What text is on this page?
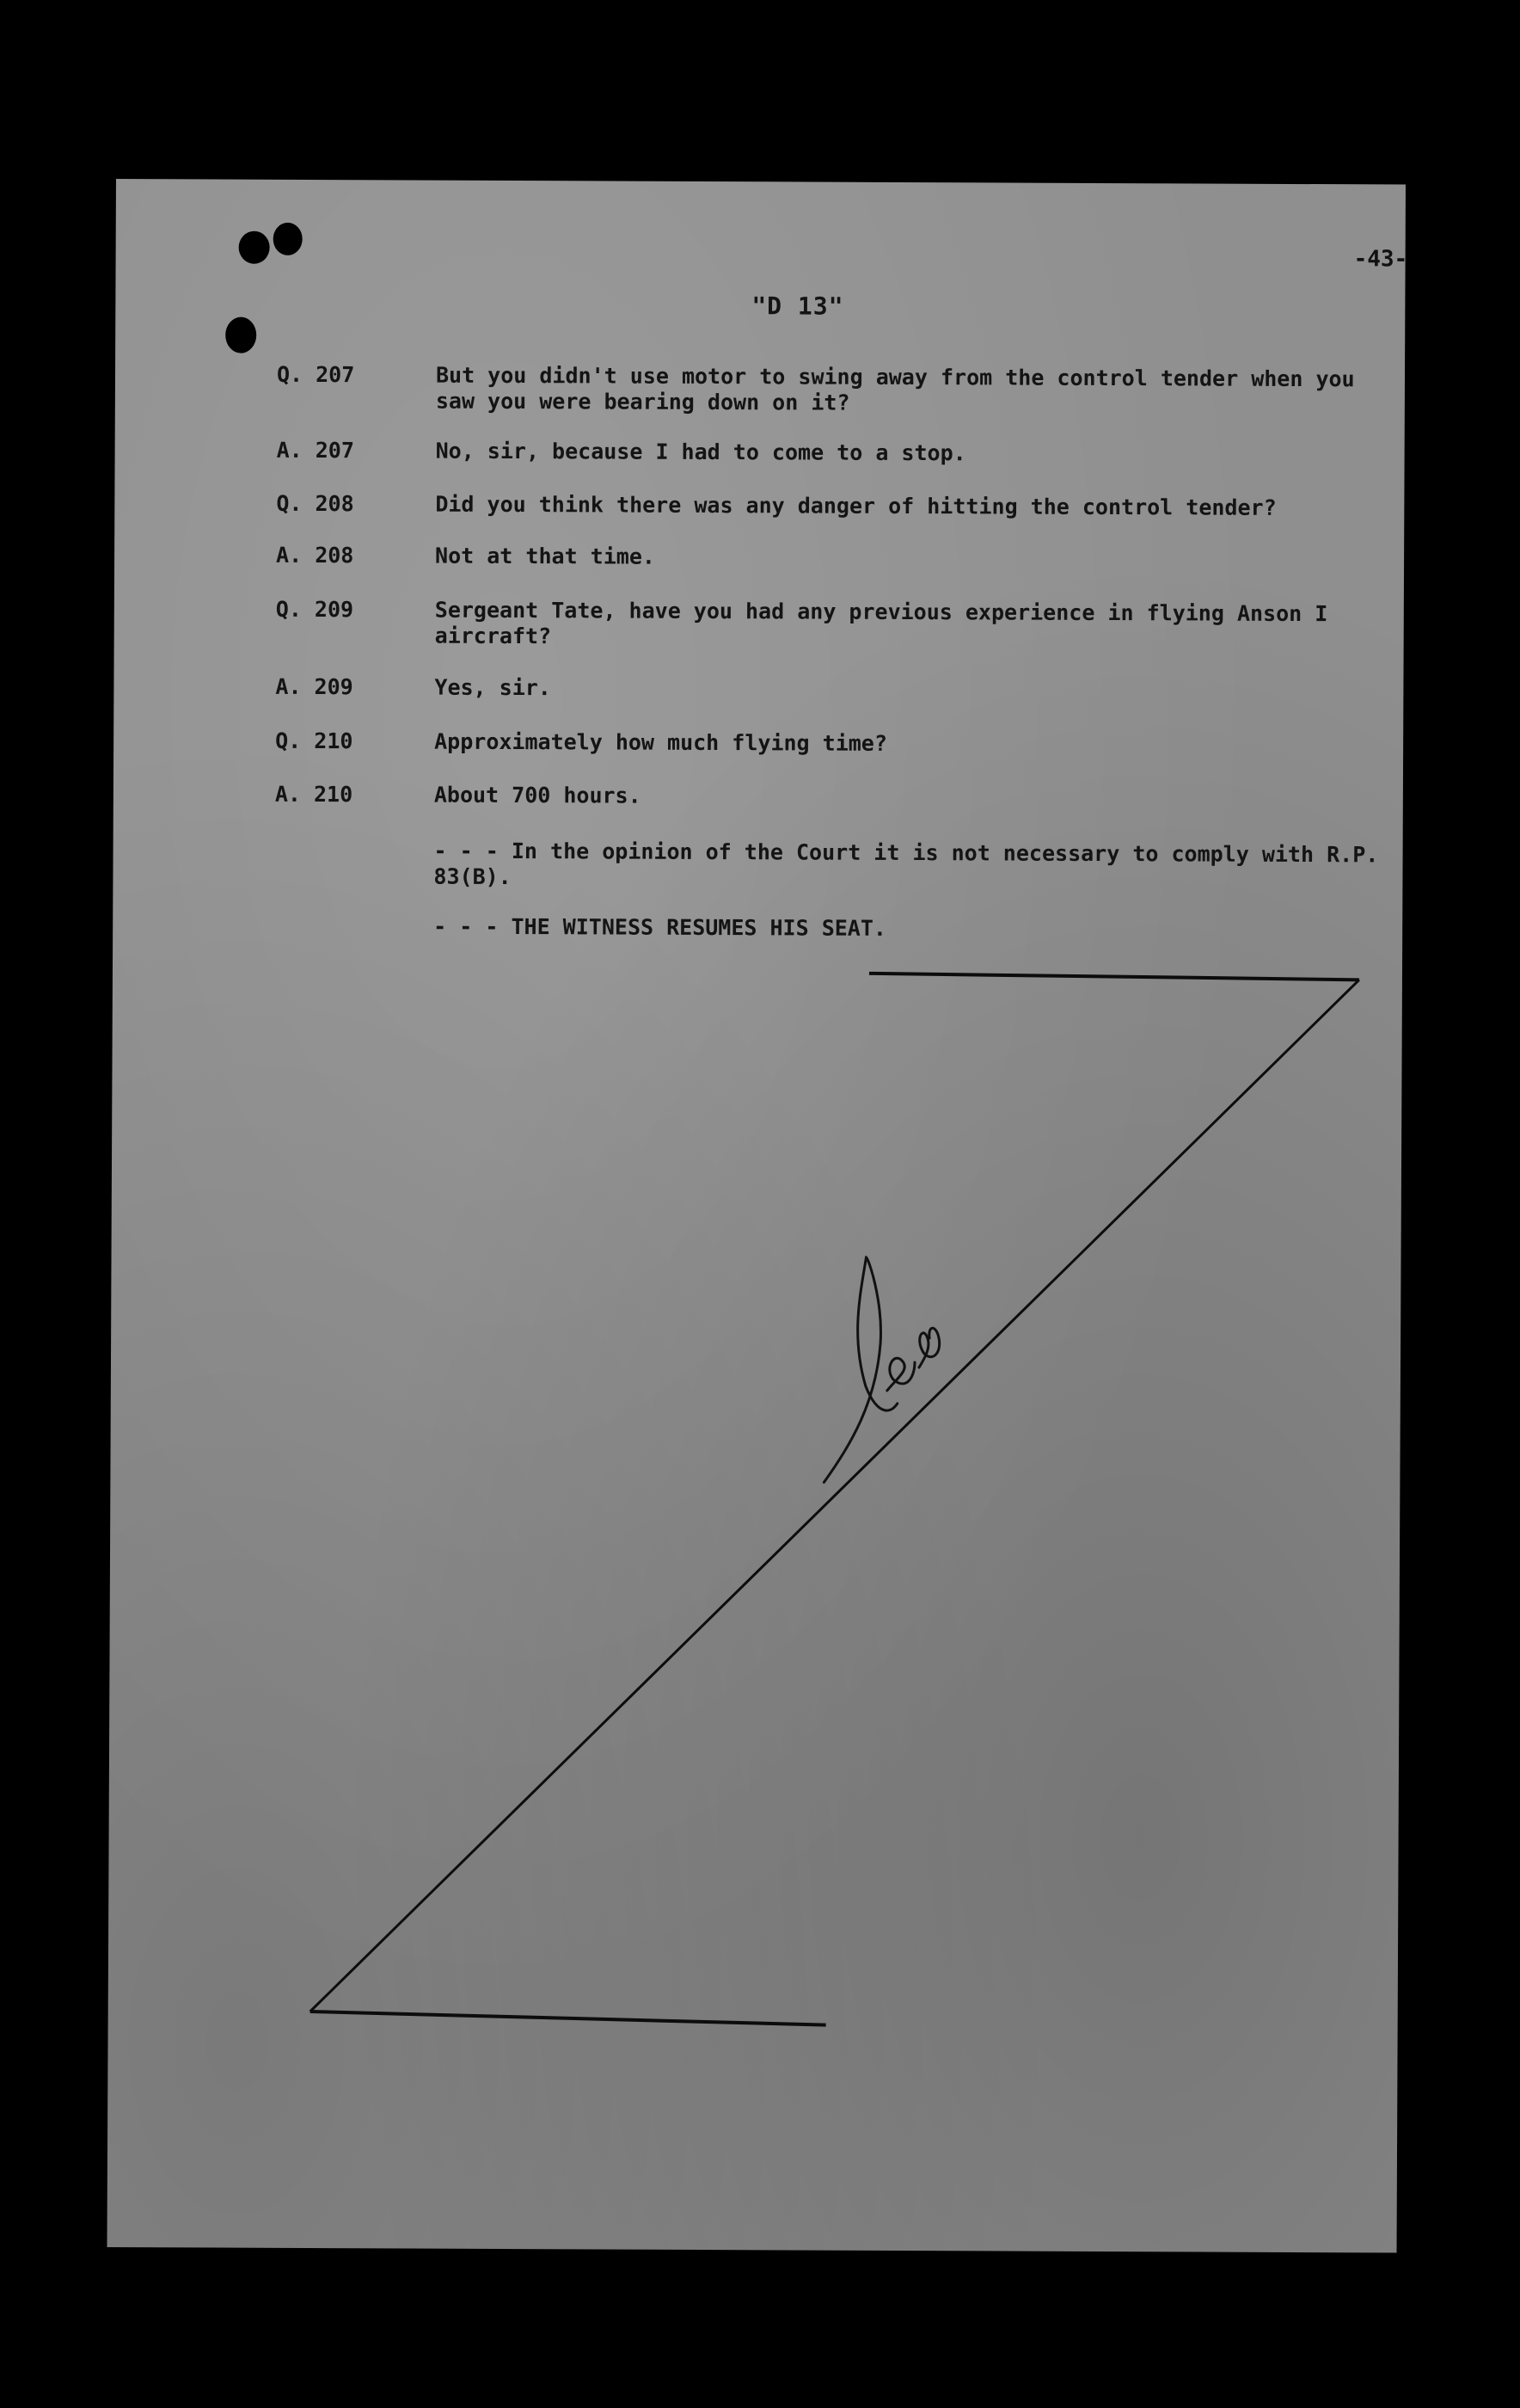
-43-
"D 13"
Q. 207	But you didn't use motor to swing away from the control tender when you saw you were bearing down on it?
A. 207	No, sir, because I had to come to a stop.
Q. 208	Did you think there was any danger of hitting the control tender?
A. 208	Not at that time.
Q. 209	Sergeant Tate, have you had any previous experience in flying Anson I aircraft?
A. 209	Yes, sir.
Q. 210	Approximately how much flying time?
A. 210	About 700 hours.
- - - In the opinion of the Court it is not necessary to comply with R.P. 83(B).
- - - THE WITNESS RESUMES HIS SEAT.
